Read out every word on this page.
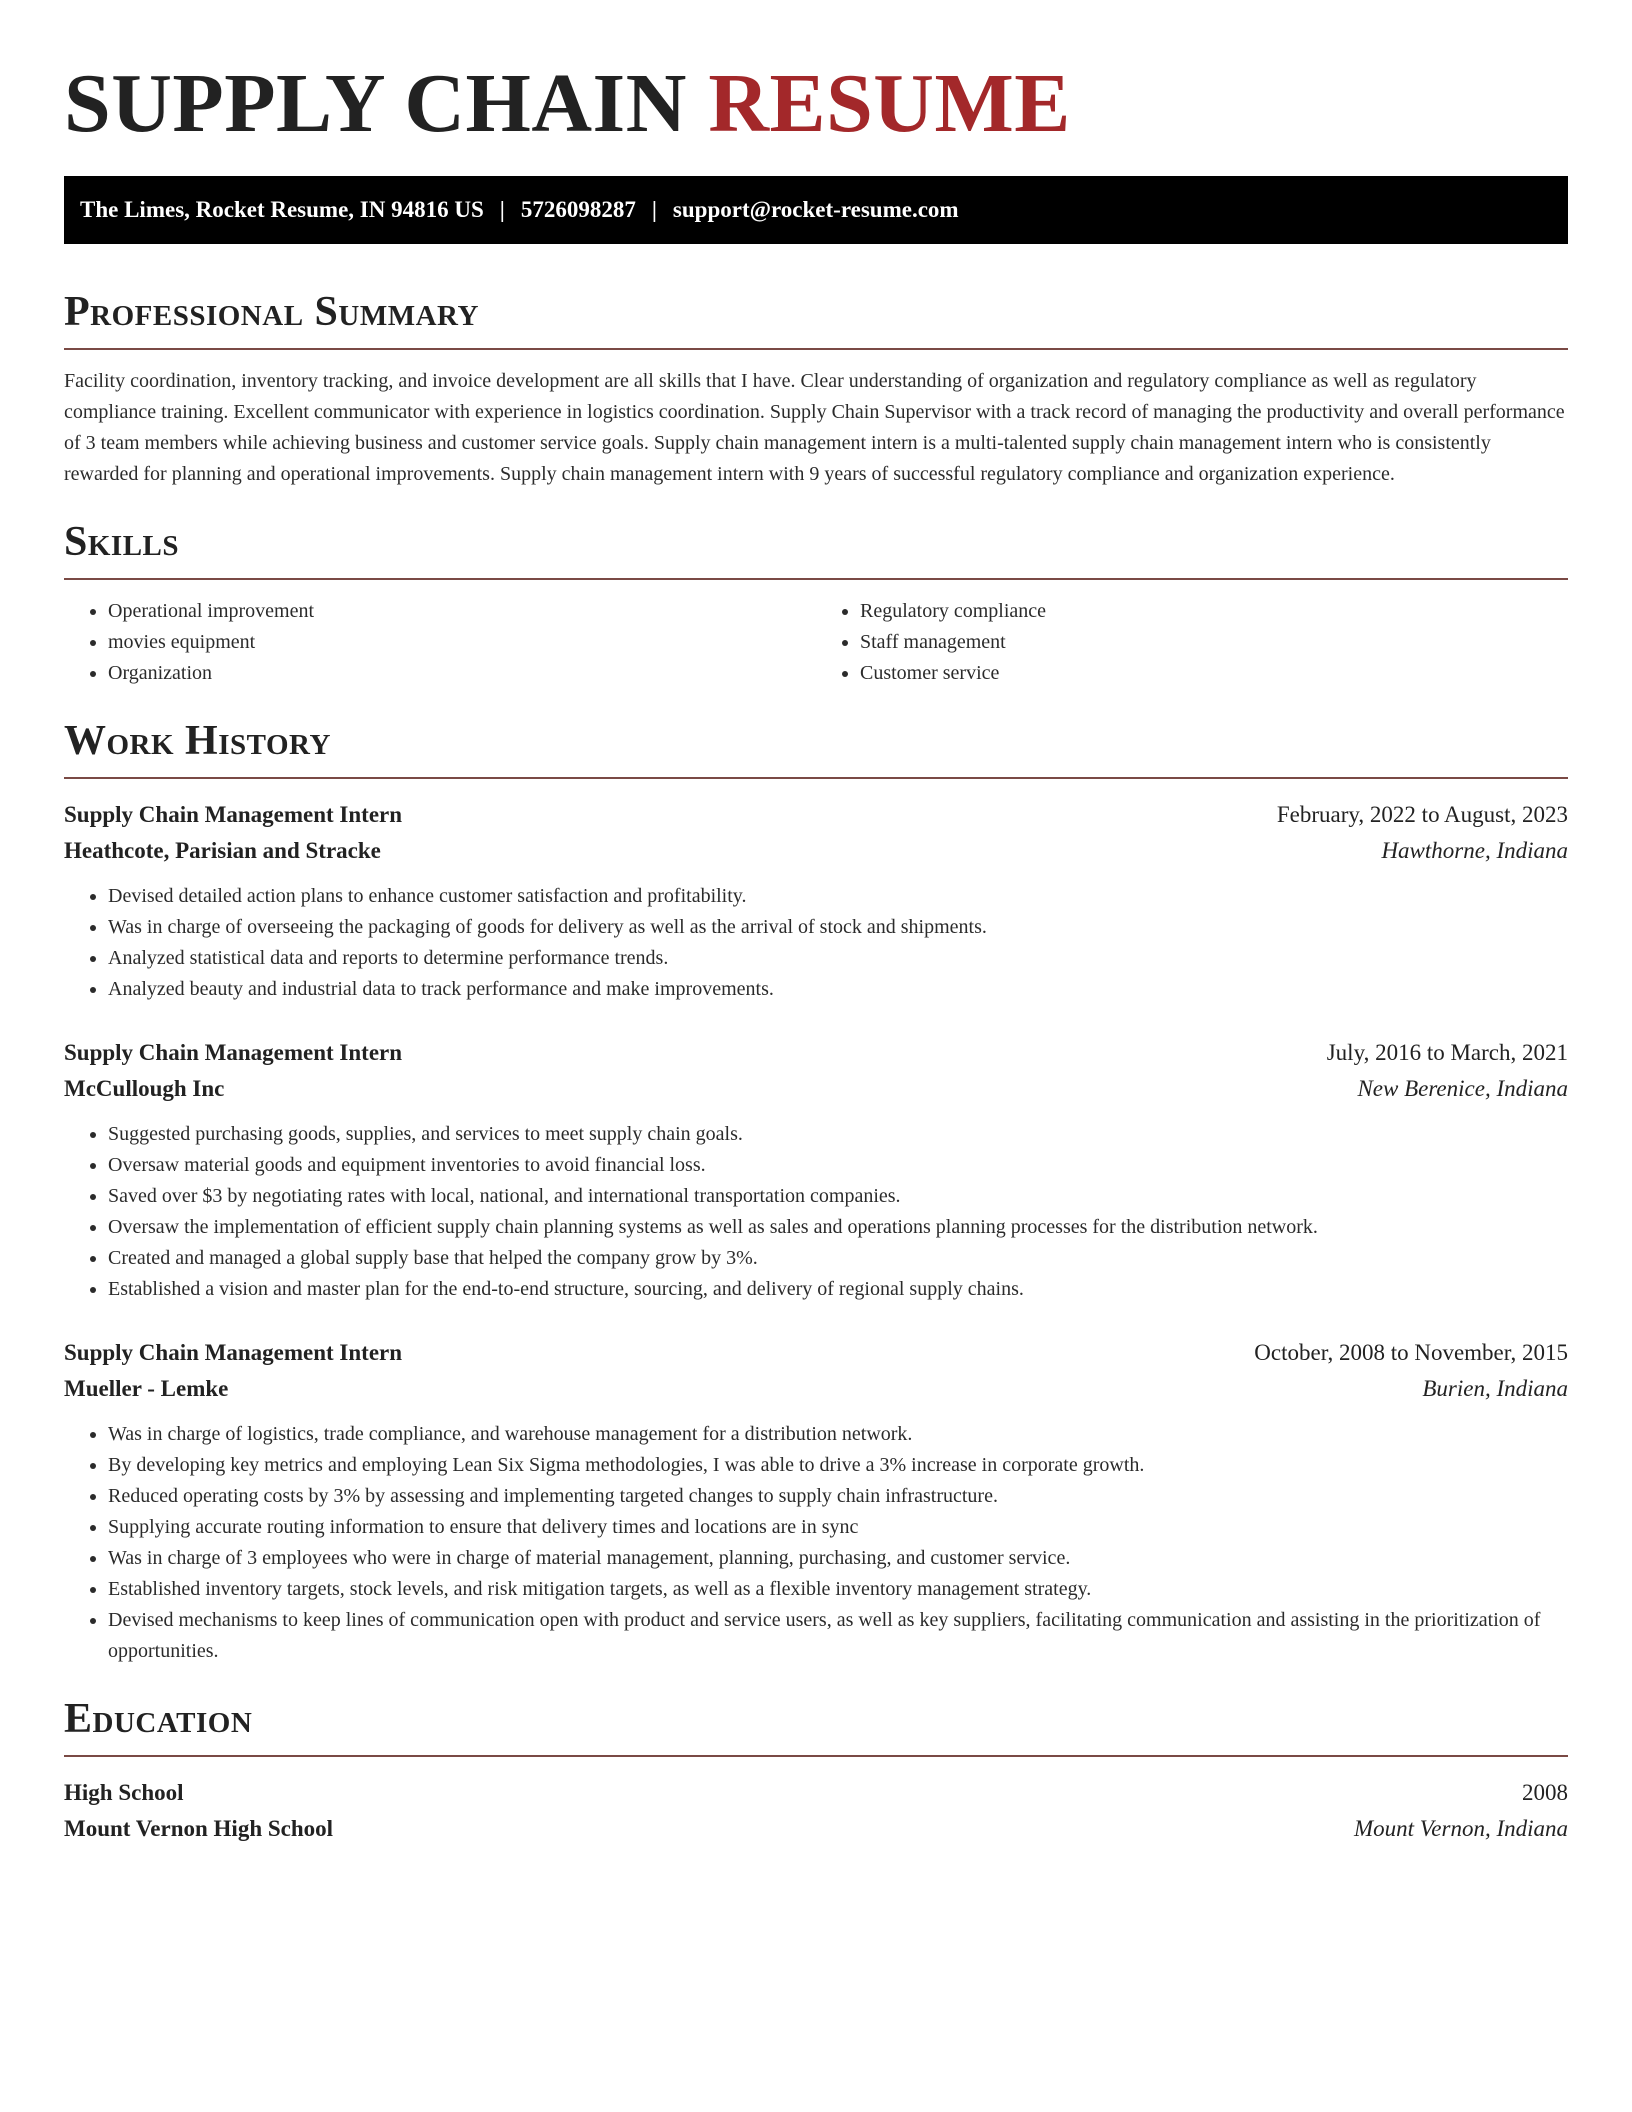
SUPPLY CHAIN RESUME
The Limes, Rocket Resume, IN 94816 US | 5726098287 | support@rocket-resume.com
Professional Summary

Facility coordination, inventory tracking, and invoice development are all skills that I have. Clear understanding of organization and regulatory compliance as well as regulatory compliance training. Excellent communicator with experience in logistics coordination. Supply Chain Supervisor with a track record of managing the productivity and overall performance of 3 team members while achieving business and customer service goals. Supply chain management intern is a multi-talented supply chain management intern who is consistently rewarded for planning and operational improvements. Supply chain management intern with 9 years of successful regulatory compliance and organization experience.

Skills
• Operational improvement
• movies equipment
• Organization
• Regulatory compliance
• Staff management
• Customer service
Work History
Supply Chain Management Intern	February, 2022 to August, 2023
Heathcote, Parisian and Stracke	Hawthorne, Indiana
• Devised detailed action plans to enhance customer satisfaction and profitability.
• Was in charge of overseeing the packaging of goods for delivery as well as the arrival of stock and shipments.
• Analyzed statistical data and reports to determine performance trends.
• Analyzed beauty and industrial data to track performance and make improvements.
Supply Chain Management Intern	July, 2016 to March, 2021
McCullough Inc	New Berenice, Indiana
• Suggested purchasing goods, supplies, and services to meet supply chain goals.
• Oversaw material goods and equipment inventories to avoid financial loss.
• Saved over $3 by negotiating rates with local, national, and international transportation companies.
• Oversaw the implementation of efficient supply chain planning systems as well as sales and operations planning processes for the distribution network.
• Created and managed a global supply base that helped the company grow by 3%.
• Established a vision and master plan for the end-to-end structure, sourcing, and delivery of regional supply chains.
Supply Chain Management Intern	October, 2008 to November, 2015
Mueller - Lemke	Burien, Indiana
• Was in charge of logistics, trade compliance, and warehouse management for a distribution network.
• By developing key metrics and employing Lean Six Sigma methodologies, I was able to drive a 3% increase in corporate growth.
• Reduced operating costs by 3% by assessing and implementing targeted changes to supply chain infrastructure.
• Supplying accurate routing information to ensure that delivery times and locations are in sync
• Was in charge of 3 employees who were in charge of material management, planning, purchasing, and customer service.
• Established inventory targets, stock levels, and risk mitigation targets, as well as a flexible inventory management strategy.
• Devised mechanisms to keep lines of communication open with product and service users, as well as key suppliers, facilitating communication and assisting in the prioritization of opportunities.
Education
High School	2008
Mount Vernon High School	Mount Vernon, Indiana
